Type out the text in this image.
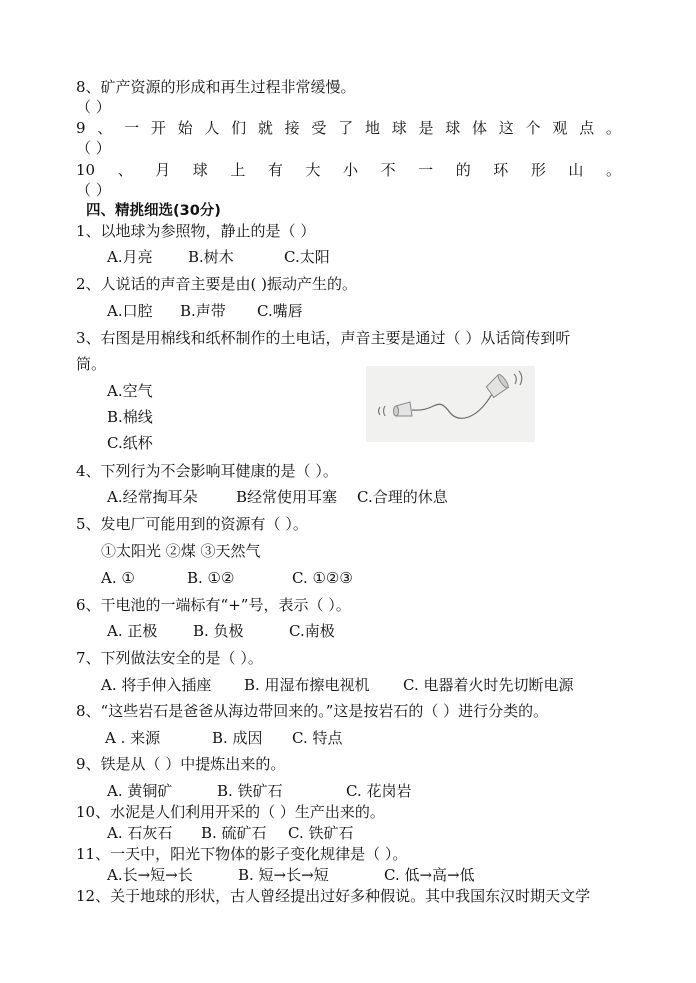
8、矿产资源的形成和再生过程非常缓慢。
（ ）
9 、 一 开 始 人 们 就 接 受 了 地 球 是 球 体 这 个 观 点 。
（ ）
10 、 月 球 上 有 大 小 不 一 的 环 形 山 。
（ ）
四、精挑细选(30分)
1、以地球为参照物，静止的是（ ）
A.月亮 B.树木	C.太阳
2、人说话的声音主要是由( )振动产生的。
A.口腔 B.声带 C.嘴唇
3、右图是用棉线和纸杯制作的土电话，声音主要是通过（ ）从话筒传到听
筒。
A.空气
B.棉线
C.纸杯
4、下列行为不会影响耳健康的是（ ）。
A.经常掏耳朵	B经常使用耳塞 C.合理的休息
5、发电厂可能用到的资源有（ ）。
①太阳光 ②煤 ③天然气
A. ①	B. ①②	C. ①②③
6、干电池的一端标有“+”号，表示（ ）。
A. 正极 B. 负极	C.南极
7、下列做法安全的是（ ）。
A. 将手伸入插座 B. 用湿布擦电视机 C. 电器着火时先切断电源
8、“这些岩石是爸爸从海边带回来的。”这是按岩石的（ ）进行分类的。
A . 来源	B. 成因 C. 特点
9、铁是从（ ）中提炼出来的。
A. 黄铜矿	B. 铁矿石	C. 花岗岩
10、水泥是人们利用开采的（ ）生产出来的。
A. 石灰石 B. 硫矿石 C. 铁矿石
11、一天中，阳光下物体的影子变化规律是（ ）。
A.长→短→长	B. 短→长→短	C. 低→高→低
12、关于地球的形状，古人曾经提出过好多种假说。其中我国东汉时期天文学
